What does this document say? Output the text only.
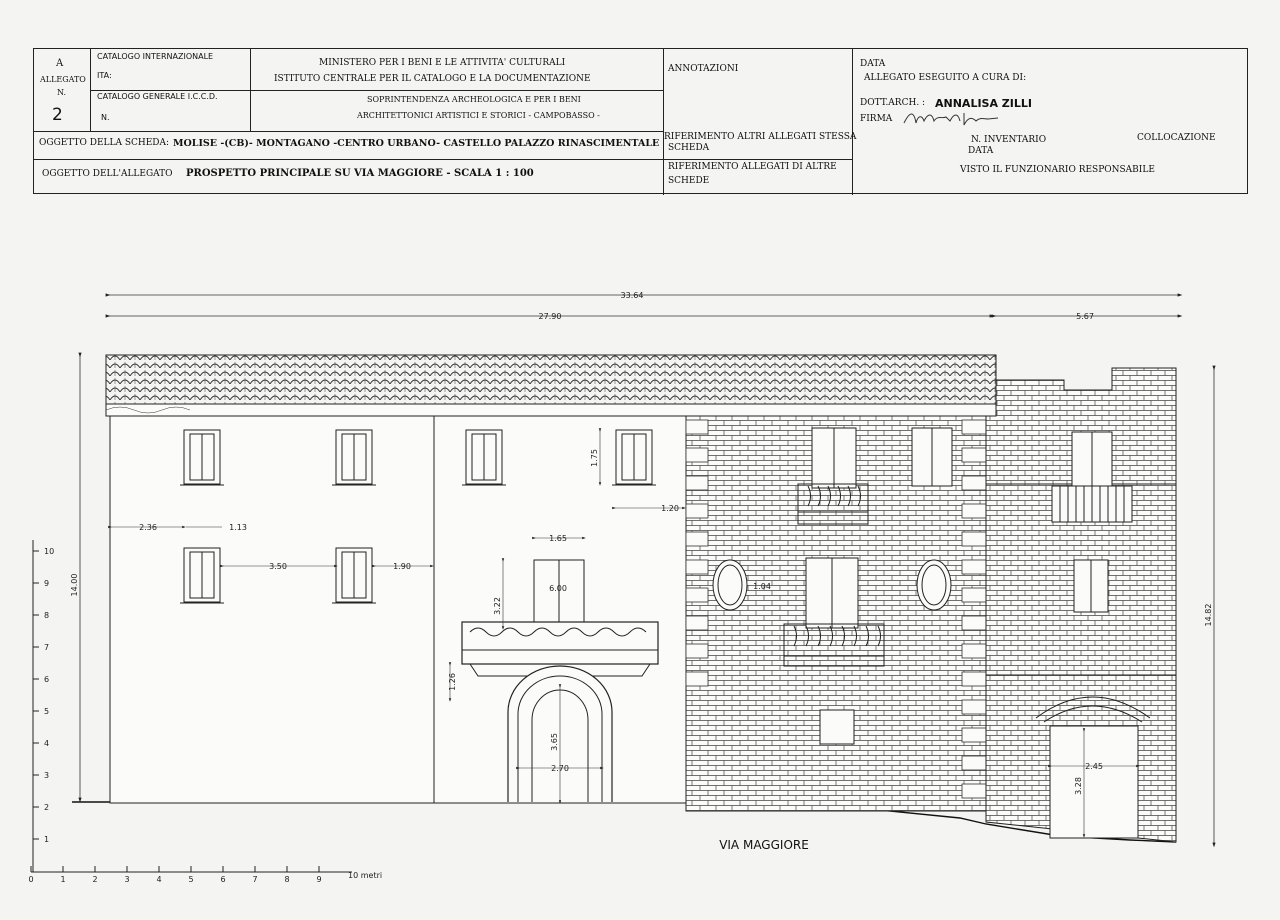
A
ALLEGATO
N.
2
CATALOGO INTERNAZIONALE
ITA:
CATALOGO GENERALE I.C.C.D.
N.
MINISTERO PER I BENI E LE ATTIVITA' CULTURALI
ISTITUTO CENTRALE PER IL CATALOGO E LA DOCUMENTAZIONE
SOPRINTENDENZA ARCHEOLOGICA E PER I BENI
ARCHITETTONICI ARTISTICI E STORICI - CAMPOBASSO -
ANNOTAZIONI	DATA
ALLEGATO ESEGUITO A CURA DI:
DOTT.ARCH. : ANNALISA ZILLI
FIRMA
OGGETTO DELLA SCHEDA: MOLISE -(CB)- MONTAGANO -CENTRO URBANO- CASTELLO PALAZZO RINASCIMENTALE
RIFERIMENTO ALTRI ALLEGATI STESSA
SCHEDA
N. INVENTARIO	COLLOCAZIONE
DATA
OGGETTO DELL'ALLEGATO PROSPETTO PRINCIPALE SU VIA MAGGIORE - SCALA 1 : 100
RIFERIMENTO ALLEGATI DI ALTRE
SCHEDE
VISTO IL FUNZIONARIO RESPONSABILE
33.64
27.90	5.67
14.00
14.82
2.36	1.13
3.50	1.90
1.75
1.20
1.65
3.22
6.00	1.04
3.65
2.70
1.26
2.45
3.28
VIA MAGGIORE
1
2
3
4
5
6
7
8
9
10
0	1	2	3	4	5	6	7	8	9	10 metri
